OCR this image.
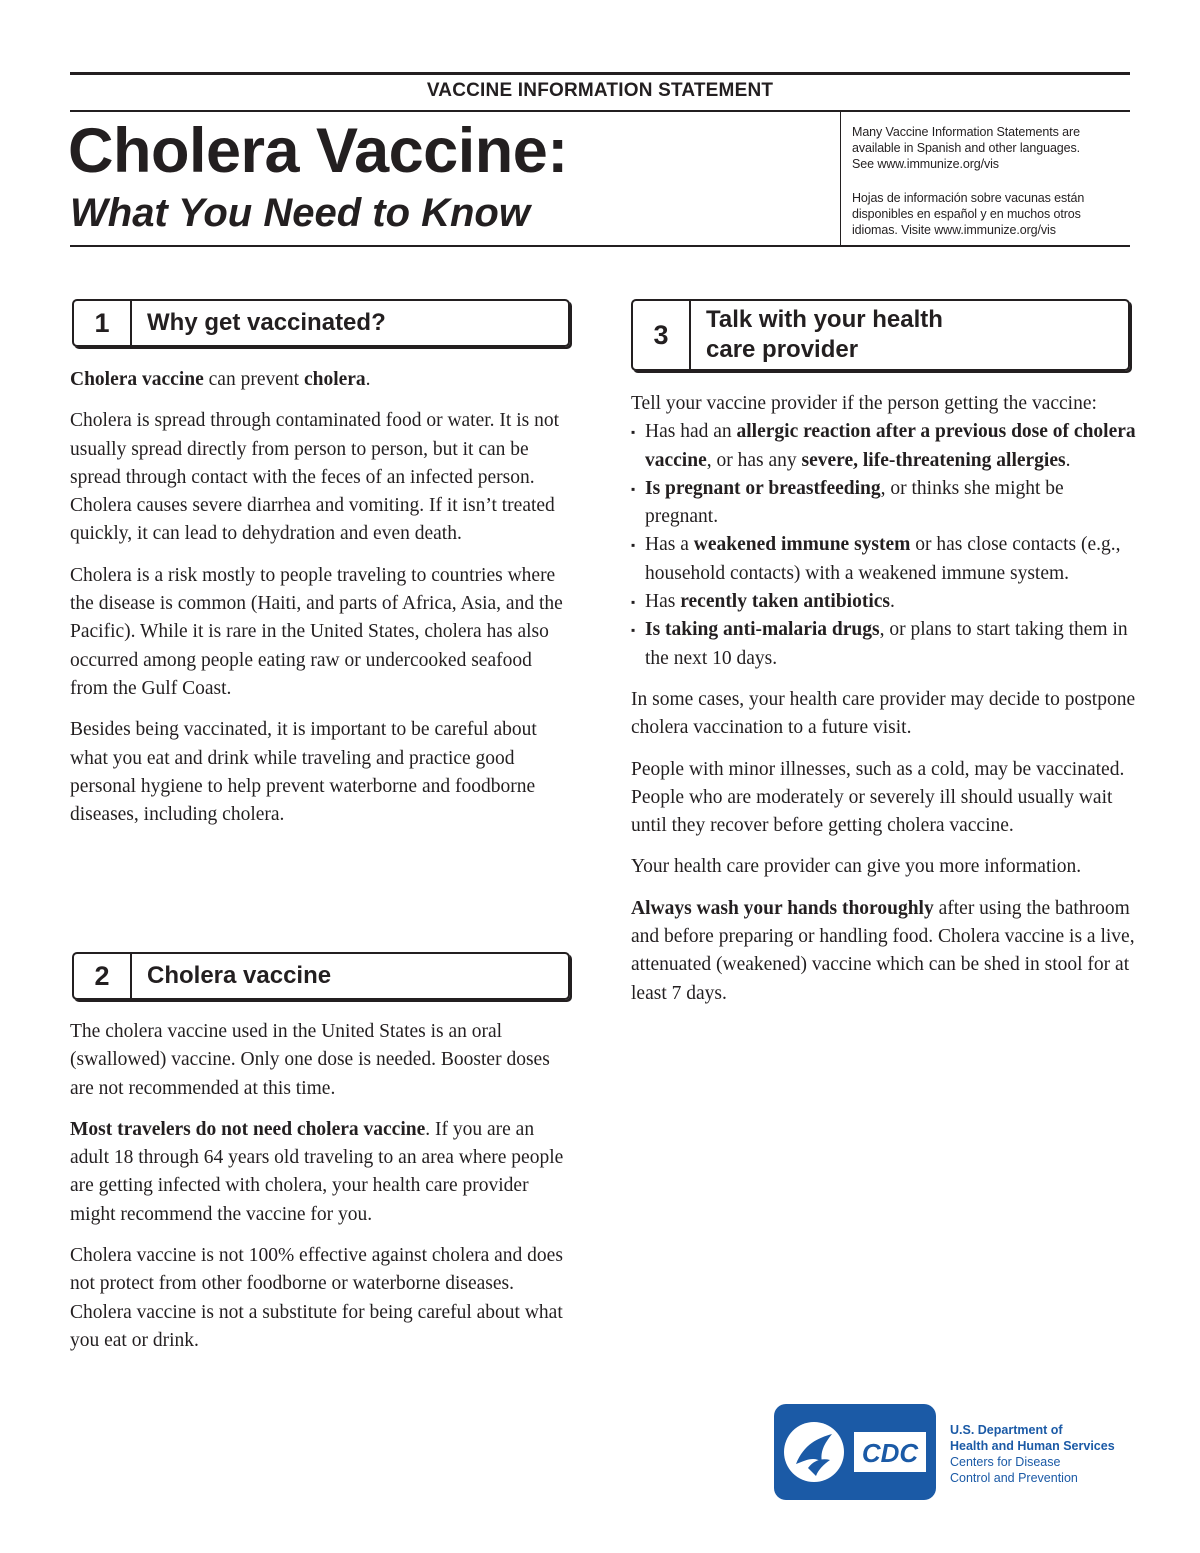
VACCINE INFORMATION STATEMENT
Cholera Vaccine:
What You Need to Know
Many Vaccine Information Statements are
available in Spanish and other languages.
See www.immunize.org/vis
Hojas de información sobre vacunas están
disponibles en español y en muchos otros
idiomas. Visite www.immunize.org/vis
1	Why get vaccinated?

Cholera vaccine can prevent cholera.

Cholera is spread through contaminated food or water. It is not usually spread directly from person to person, but it can be spread through contact with the feces of an infected person. Cholera causes severe diarrhea and vomiting. If it isn’t treated quickly, it can lead to dehydration and even death.

Cholera is a risk mostly to people traveling to countries where the disease is common (Haiti, and parts of Africa, Asia, and the Pacific). While it is rare in the United States, cholera has also occurred among people eating raw or undercooked seafood from the Gulf Coast.

Besides being vaccinated, it is important to be careful about what you eat and drink while traveling and practice good personal hygiene to help prevent waterborne and foodborne diseases, including cholera.

2	Cholera vaccine

The cholera vaccine used in the United States is an oral (swallowed) vaccine. Only one dose is needed. Booster doses are not recommended at this time.

Most travelers do not need cholera vaccine. If you are an adult 18 through 64 years old traveling to an area where people are getting infected with cholera, your health care provider might recommend the vaccine for you.

Cholera vaccine is not 100% effective against cholera and does not protect from other foodborne or waterborne diseases. Cholera vaccine is not a substitute for being careful about what you eat or drink.

3	Talk with your health
care provider

Tell your vaccine provider if the person getting the vaccine:

▪ Has had an allergic reaction after a previous dose of cholera vaccine, or has any severe, life-threatening allergies.
▪ Is pregnant or breastfeeding, or thinks she might be pregnant.
▪ Has a weakened immune system or has close contacts (e.g., household contacts) with a weakened immune system.
▪ Has recently taken antibiotics.
▪ Is taking anti-malaria drugs, or plans to start taking them in the next 10 days.

In some cases, your health care provider may decide to postpone cholera vaccination to a future visit.

People with minor illnesses, such as a cold, may be vaccinated. People who are moderately or severely ill should usually wait until they recover before getting cholera vaccine.

Your health care provider can give you more information.

Always wash your hands thoroughly after using the bathroom and before preparing or handling food. Cholera vaccine is a live, attenuated (weakened) vaccine which can be shed in stool for at least 7 days.

CDC
U.S. Department of
Health and Human Services
Centers for Disease
Control and Prevention
